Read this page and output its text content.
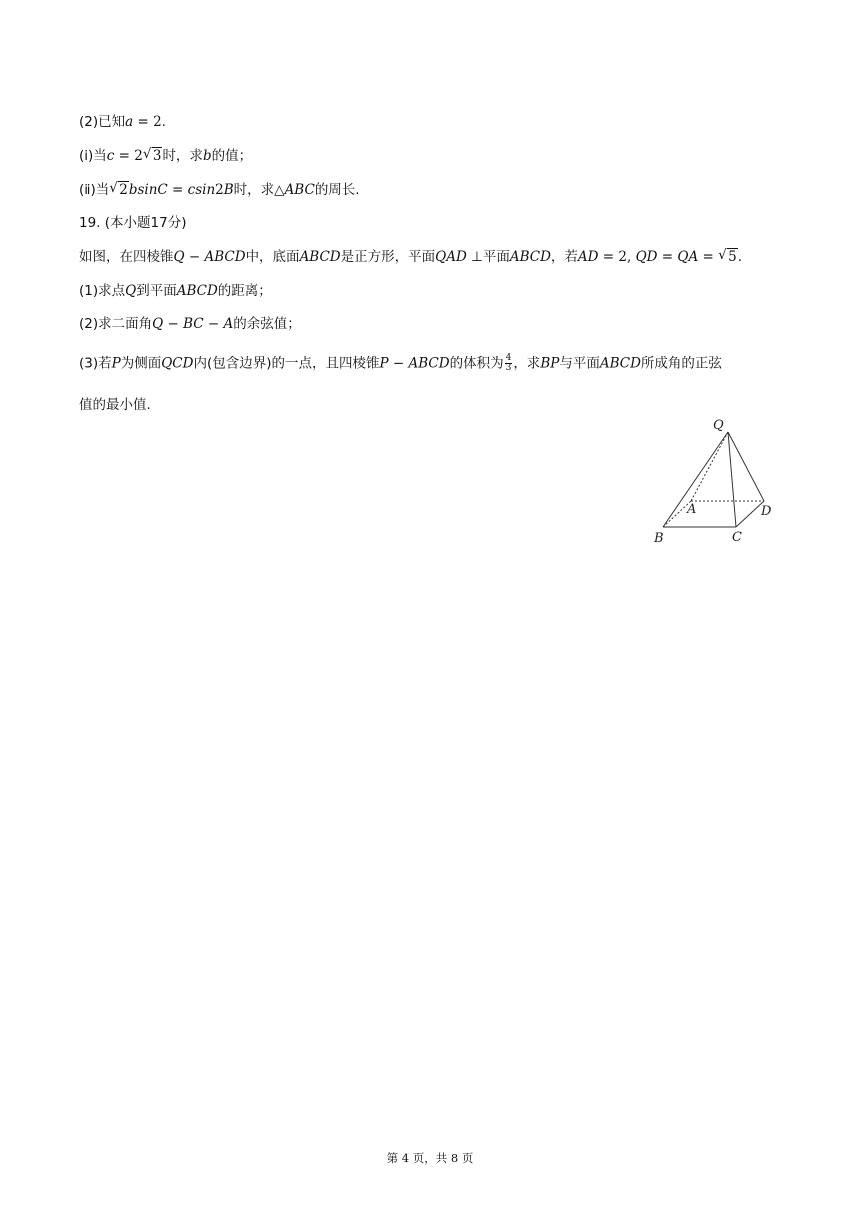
(2)已知a = 2.
(ⅰ)当c = 2 √ 3时，求b的值；
(ⅱ)当 √ 2bsinC = csin2B时，求△ABC的周长.
19. (本小题17分)
如图，在四棱锥Q − ABCD中，底面ABCD是正方形，平面QAD ⊥平面ABCD，若AD = 2, QD = QA = √ 5.
(1)求点Q到平面ABCD的距离；
(2)求二面角Q − BC − A的余弦值；
(3)若P为侧面QCD内(包含边界)的一点，且四棱锥P − ABCD的体积为 $\frac{4}{3}$ ，求BP与平面ABCD所成角的正弦
值的最小值.
Q
A
B	C
D
第 4 页，共 8 页
